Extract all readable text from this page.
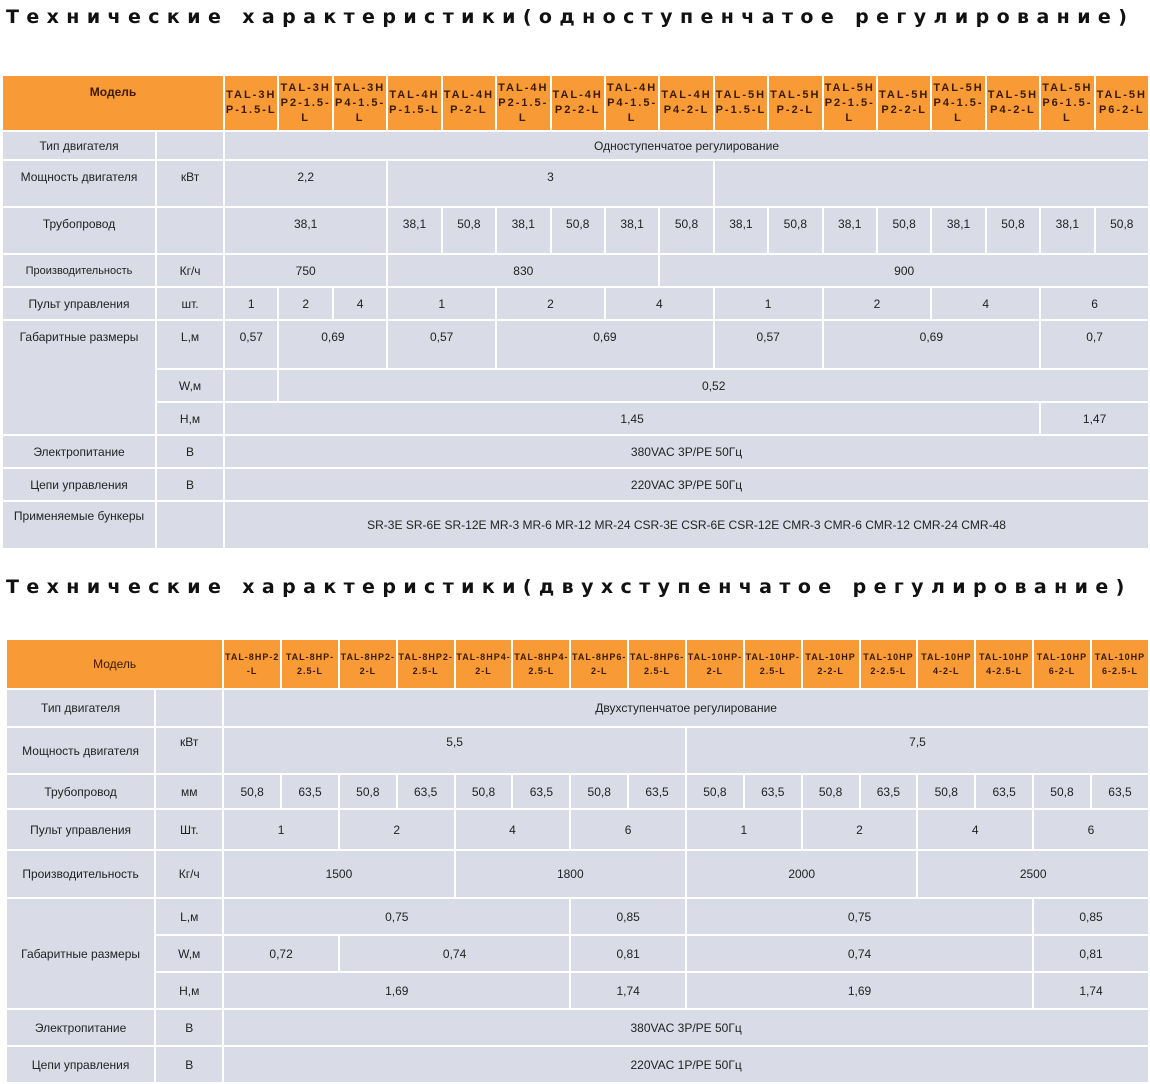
Технические характеристики(одноступенчатое регулирование)
Модель		TAL-3HP-1.5-L	TAL-3HP2-1.5-L	TAL-3HP4-1.5-L	TAL-4HP-1.5-L	TAL-4HP-2-L	TAL-4HP2-1.5-L	TAL-4HP2-2-L	TAL-4HP4-1.5-L	TAL-4HP4-2-L	TAL-5HP-1.5-L	TAL-5HP-2-L	TAL-5HP2-1.5-L	TAL-5HP2-2-L	TAL-5HP4-1.5-L	TAL-5HP4-2-L	TAL-5HP6-1.5-L	TAL-5HP6-2-L
Тип двигателя		Одноступенчатое регулирование																
Мощность двигателя	кВт	2,2			3													
Трубопровод		38,1			38,1	50,8	38,1	50,8	38,1	50,8	38,1	50,8	38,1	50,8	38,1	50,8	38,1	50,8
Производительность	Кг/ч	750			830					900								
Пульт управления	шт.	1	2	4	1		2		4		1		2		4		6	
Габаритные размеры	L,м	0,57	0,69		0,57		0,69				0,57		0,69				0,7	
	W,м		0,52															
	H,м	1,45															1,47	
Электропитание	В	380VAC 3P/PE 50Гц																
Цепи управления	В	220VAC 3P/PE 50Гц																
Применяемые бункеры		SR-3E SR-6E SR-12E MR-3 MR-6 MR-12 MR-24 CSR-3E CSR-6E CSR-12E CMR-3 CMR-6 CMR-12 CMR-24 CMR-48																
Технические характеристики(двухступенчатое регулирование)
Модель		TAL-8HP-2-L	TAL-8HP-2.5-L	TAL-8HP2-2-L	TAL-8HP2-2.5-L	TAL-8HP4-2-L	TAL-8HP4-2.5-L	TAL-8HP6-2-L	TAL-8HP6-2.5-L	TAL-10HP-2-L	TAL-10HP-2.5-L	TAL-10HP2-2-L	TAL-10HP2-2.5-L	TAL-10HP4-2-L	TAL-10HP4-2.5-L	TAL-10HP6-2-L	TAL-10HP6-2.5-L
Тип двигателя		Двухступенчатое регулирование															
Мощность двигателя	кВт	5,5								7,5							
Трубопровод	мм	50,8	63,5	50,8	63,5	50,8	63,5	50,8	63,5	50,8	63,5	50,8	63,5	50,8	63,5	50,8	63,5
Пульт управления	Шт.	1		2		4		6		1		2		4		6	
Производительность	Кг/ч	1500				1800				2000				2500			
Габаритные размеры	L,м	0,75						0,85		0,75						0,85	
	W,м	0,72		0,74				0,81		0,74						0,81	
	H,м	1,69						1,74		1,69						1,74	
Электропитание	В	380VAC 3P/PE 50Гц															
Цепи управления	В	220VAC 1P/PE 50Гц															
